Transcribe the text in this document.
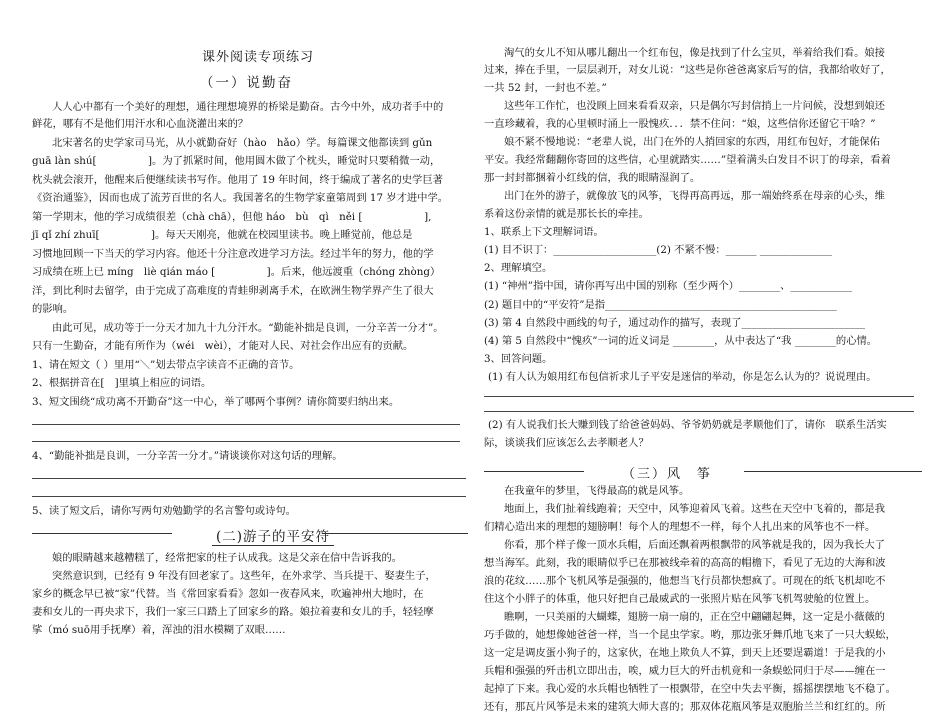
课外阅读专项练习
（一）说勤奋
人人心中都有一个美好的理想，通往理想境界的桥梁是勤奋。古今中外，成功者手中的
鲜花，哪有不是他们用汗水和心血浇灌出来的？
北宋著名的史学家司马光，从小就勤奋好（hào　hǎo）学。每篇课文他都读到 gǔn
guā làn shú[　　　　　]。为了抓紧时间，他用圆木做了个枕头，睡觉时只要稍微一动，
枕头就会滚开，他醒来后便继续读书写作。他用了 19 年时间，终于编成了著名的史学巨著
《资治通鉴》，因而也成了流芳百世的名人。我国著名的生物学家童第周到 17 岁才进中学。
第一学期末，他的学习成绩很差（chà chā），但他 háo　bù　qì　něi [　　　　　　],
jī qǐ zhí zhuī[　　　　　]。每天天刚亮，他就在校园里读书。晚上睡觉前，他总是
习惯地回顾一下当天的学习内容。他还十分注意改进学习方法。经过半年的努力，他的学
习成绩在班上已 míng　liè qián máo [　　　　　]。后来，他远渡重（chóng zhòng）
洋，到比利时去留学，由于完成了高难度的青蛙卵剥离手术，在欧洲生物学界产生了很大
的影响。
由此可见，成功等于一分天才加九十九分汗水。“勤能补拙是良训，一分辛苦一分才”。
只有一生勤奋，才能有所作为（wéi　wèi），才能对人民、对社会作出应有的贡献。
1、请在短文（ ）里用“＼”划去带点字读音不正确的音节。
2、根据拼音在[　]里填上相应的词语。
3、短文围绕“成功离不开勤奋”这一中心，举了哪两个事例？请你简要归纳出来。
4、“勤能补拙是良训，一分辛苦一分才。”请谈谈你对这句话的理解。
5、读了短文后，请你写两句劝勉勤学的名言警句或诗句。
(二)游子的平安符
娘的眼睛越来越糟糕了，经常把家的柱子认成我。这是父亲在信中告诉我的。
突然意识到，已经有 9 年没有回老家了。这些年，在外求学、当兵提干、娶妻生子，
家乡的概念早已被“家”代替。当《常回家看看》忽如一夜春风来，吹遍神州大地时，在
妻和女儿的一再央求下，我们一家三口踏上了回家乡的路。娘拉着妻和女儿的手，轻轻摩
挲（mó suō用手抚摩）着，浑浊的泪水模糊了双眼……
淘气的女儿不知从哪儿翻出一个红布包，像是找到了什么宝贝，举着给我们看。娘接
过来，捧在手里，一层层剥开，对女儿说：“这些是你爸爸离家后写的信，我都给收好了，
一共 52 封，一封也不差。”
这些年工作忙，也没顾上回来看看双亲，只是偶尔写封信捎上一片问候，没想到娘还
一直珍藏着，我的心里顿时涌上一股愧疚．．．禁不住问：“娘，这些信你还留它干啥？”
娘不紧不慢地说：“老辈人说，出门在外的人捎回家的东西，用红布包好，才能保佑
平安。我经常翻翻你寄回的这些信，心里就踏实……”望着满头白发目不识丁的母亲，看着
那一封封都捆着小红线的信，我的眼睛湿润了。
出门在外的游子，就像放飞的风筝，飞得再高再远，那一端始终系在母亲的心头，维
系着这份亲情的就是那长长的牵挂。
1、联系上下文理解词语。
(1) 目不识丁：____________________(2) 不紧不慢：______ ______________
2、理解填空。
(1) “神州”指中国，请你再写出中国的别称（至少两个）________、____________
(2) 题目中的“平安符”是指_____________________________________________
(3) 第 4 自然段中画线的句子，通过动作的描写，表现了________________________
(4) 第 5 自然段中“愧疚”一词的近义词是 ________，从中表达了“我 ________的心情。
3、回答问题。
(1) 有人认为娘用红布包信祈求儿子平安是迷信的举动，你是怎么认为的？说说理由。
(2) 有人说我们长大赚到钱了给爸爸妈妈、爷爷奶奶就是孝顺他们了，请你　联系生活实
际，谈谈我们应该怎么去孝顺老人？
（三）风　筝
在我童年的梦里，飞得最高的就是风筝。
地面上，我们扯着线跑着；天空中，风筝迎着风飞着。这些在天空中飞着的，都是我
们精心造出来的理想的翅膀啊！每个人的理想不一样，每个人扎出来的风筝也不一样。
你看，那个样子像一顶水兵帽，后面还飘着两根飘带的风筝就是我的，因为我长大了
想当海军。此刻，我的眼睛似乎已在那被线牵着的高高的帽檐下，看见了无边的大海和波
浪的花纹……那个飞机风筝是强强的，他想当飞行员都快想疯了。可现在的纸飞机却吃不
住这个小胖子的体重，他只好把自己最威武的一张照片贴在风筝飞机驾驶舱的位置上。
瞧啊，一只美丽的大蝴蝶，翅膀一扇一扇的，正在空中翩翩起舞，这一定是小薇薇的
巧手做的，她想像她爸爸一样，当一个昆虫学家。哟，那边张牙舞爪地飞来了一只大蜈蚣，
这一定是调皮蛋小狗子的，这家伙，在地上欺负人不算，到天上还要逞霸道！于是我的小
兵帽和强强的歼击机立即出击，唉，威力巨大的歼击机竟和一条蜈蚣同归于尽——缠在一
起掉了下来。我心爱的水兵帽也牺牲了一根飘带，在空中失去平衡，摇摇摆摆地飞不稳了。
还有，那瓦片风筝是未来的建筑大师大喜的；那双体花瓶风筝是双胞胎兰兰和红红的。所
